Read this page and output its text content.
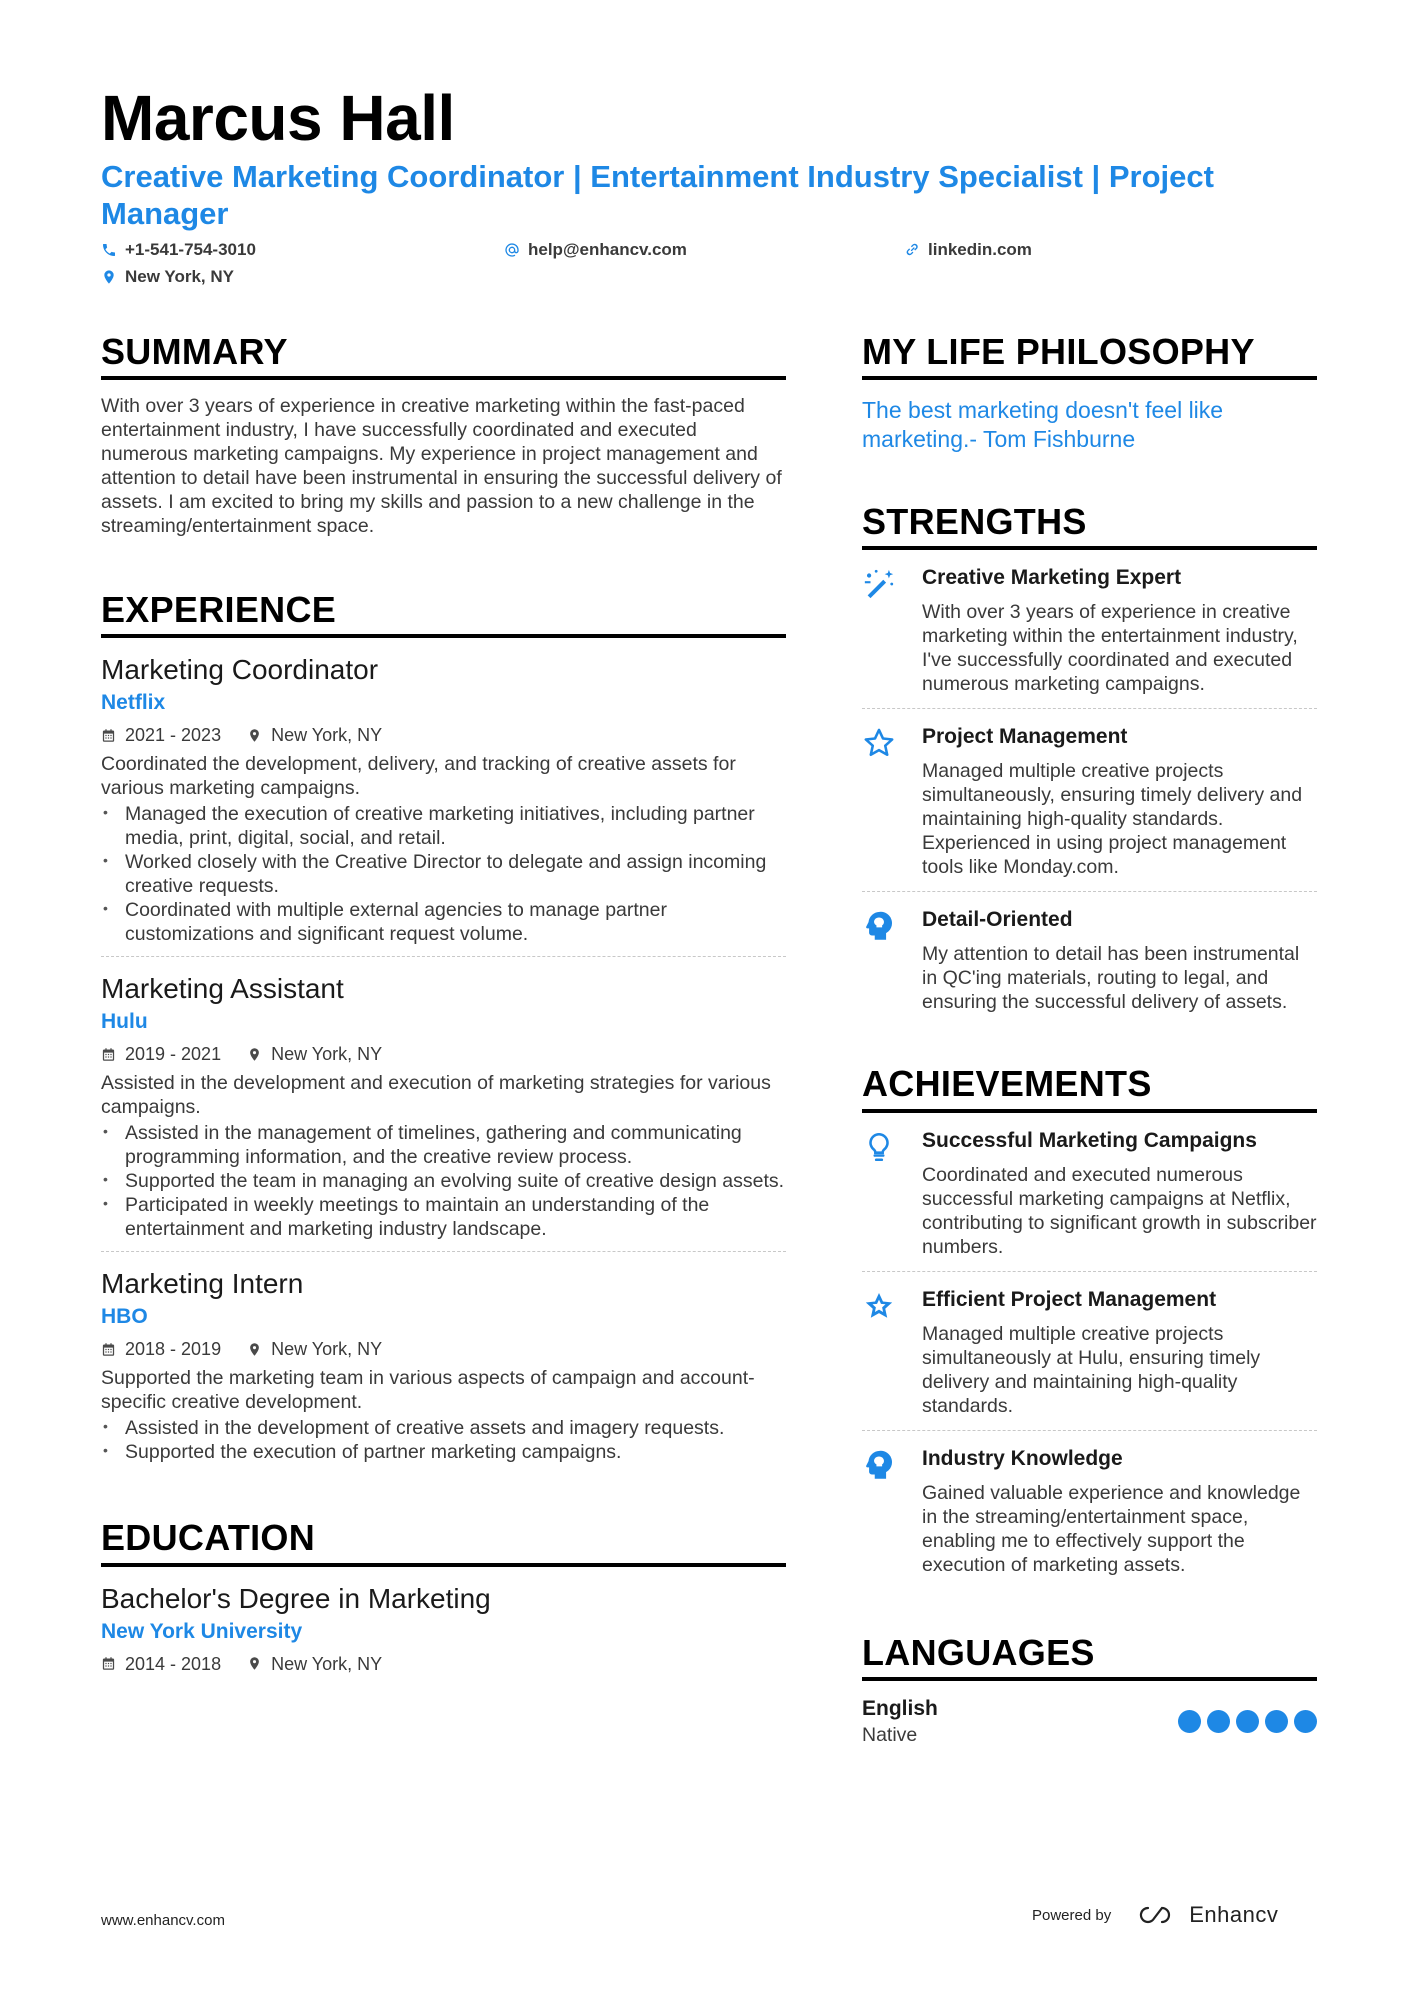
Marcus Hall
Creative Marketing Coordinator | Entertainment Industry Specialist | Project Manager
+1-541-754-3010	help@enhancv.com	linkedin.com
New York, NY
SUMMARY
With over 3 years of experience in creative marketing within the fast-paced entertainment industry, I have successfully coordinated and executed numerous marketing campaigns. My experience in project management and attention to detail have been instrumental in ensuring the successful delivery of assets. I am excited to bring my skills and passion to a new challenge in the streaming/entertainment space.
EXPERIENCE
Marketing Coordinator
Netflix
2021 - 2023	New York, NY
Coordinated the development, delivery, and tracking of creative assets for various marketing campaigns.
• Managed the execution of creative marketing initiatives, including partner media, print, digital, social, and retail.
• Worked closely with the Creative Director to delegate and assign incoming creative requests.
• Coordinated with multiple external agencies to manage partner customizations and significant request volume.
Marketing Assistant
Hulu
2019 - 2021	New York, NY
Assisted in the development and execution of marketing strategies for various campaigns.
• Assisted in the management of timelines, gathering and communicating programming information, and the creative review process.
• Supported the team in managing an evolving suite of creative design assets.
• Participated in weekly meetings to maintain an understanding of the entertainment and marketing industry landscape.
Marketing Intern
HBO
2018 - 2019	New York, NY
Supported the marketing team in various aspects of campaign and account-specific creative development.
• Assisted in the development of creative assets and imagery requests.
• Supported the execution of partner marketing campaigns.
EDUCATION
Bachelor's Degree in Marketing
New York University
2014 - 2018	New York, NY
MY LIFE PHILOSOPHY
The best marketing doesn't feel like marketing.- Tom Fishburne
STRENGTHS
Creative Marketing Expert

With over 3 years of experience in creative marketing within the entertainment industry, I've successfully coordinated and executed numerous marketing campaigns.

Project Management

Managed multiple creative projects simultaneously, ensuring timely delivery and maintaining high-quality standards. Experienced in using project management tools like Monday.com.

Detail-Oriented

My attention to detail has been instrumental in QC'ing materials, routing to legal, and ensuring the successful delivery of assets.

ACHIEVEMENTS
Successful Marketing Campaigns

Coordinated and executed numerous successful marketing campaigns at Netflix, contributing to significant growth in subscriber numbers.

Efficient Project Management

Managed multiple creative projects simultaneously at Hulu, ensuring timely delivery and maintaining high-quality standards.

Industry Knowledge

Gained valuable experience and knowledge in the streaming/entertainment space, enabling me to effectively support the execution of marketing assets.

LANGUAGES
English
Native
www.enhancv.com	Powered by	Enhancv
